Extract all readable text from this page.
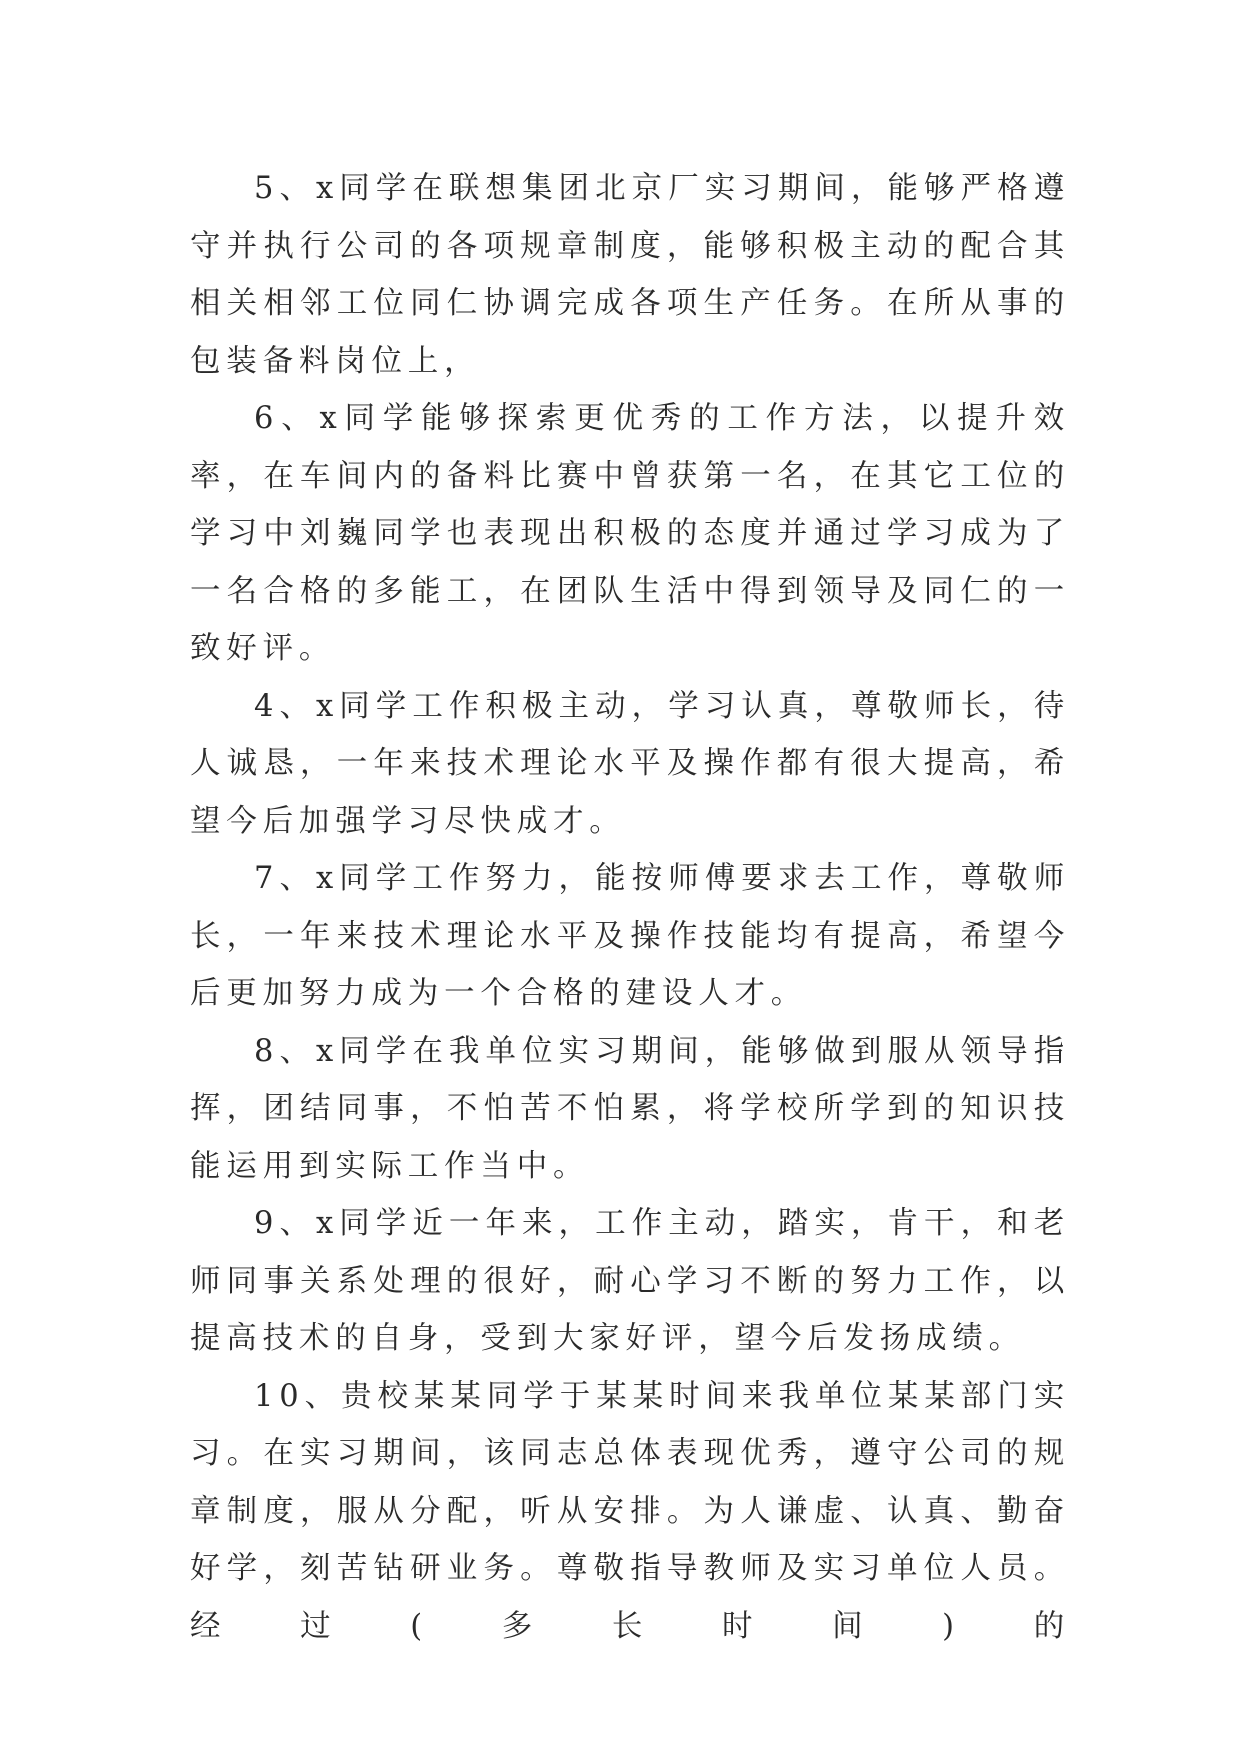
5、x同学在联想集团北京厂实习期间，能够严格遵守并执行公司的各项规章制度，能够积极主动的配合其相关相邻工位同仁协调完成各项生产任务。在所从事的包装备料岗位上，

6、x同学能够探索更优秀的工作方法，以提升效率，在车间内的备料比赛中曾获第一名，在其它工位的学习中刘巍同学也表现出积极的态度并通过学习成为了一名合格的多能工，在团队生活中得到领导及同仁的一致好评。

4、x同学工作积极主动，学习认真，尊敬师长，待人诚恳，一年来技术理论水平及操作都有很大提高，希望今后加强学习尽快成才。

7、x同学工作努力，能按师傅要求去工作，尊敬师长，一年来技术理论水平及操作技能均有提高，希望今后更加努力成为一个合格的建设人才。

8、x同学在我单位实习期间，能够做到服从领导指挥，团结同事，不怕苦不怕累，将学校所学到的知识技能运用到实际工作当中。

9、x同学近一年来，工作主动，踏实，肯干，和老师同事关系处理的很好，耐心学习不断的努力工作，以提高技术的自身，受到大家好评，望今后发扬成绩。

10、贵校某某同学于某某时间来我单位某某部门实习。在实习期间，该同志总体表现优秀，遵守公司的规章制度，服从分配，听从安排。为人谦虚、认真、勤奋好学，刻苦钻研业务。尊敬指导教师及实习单位人员。经过(多长时间)的
